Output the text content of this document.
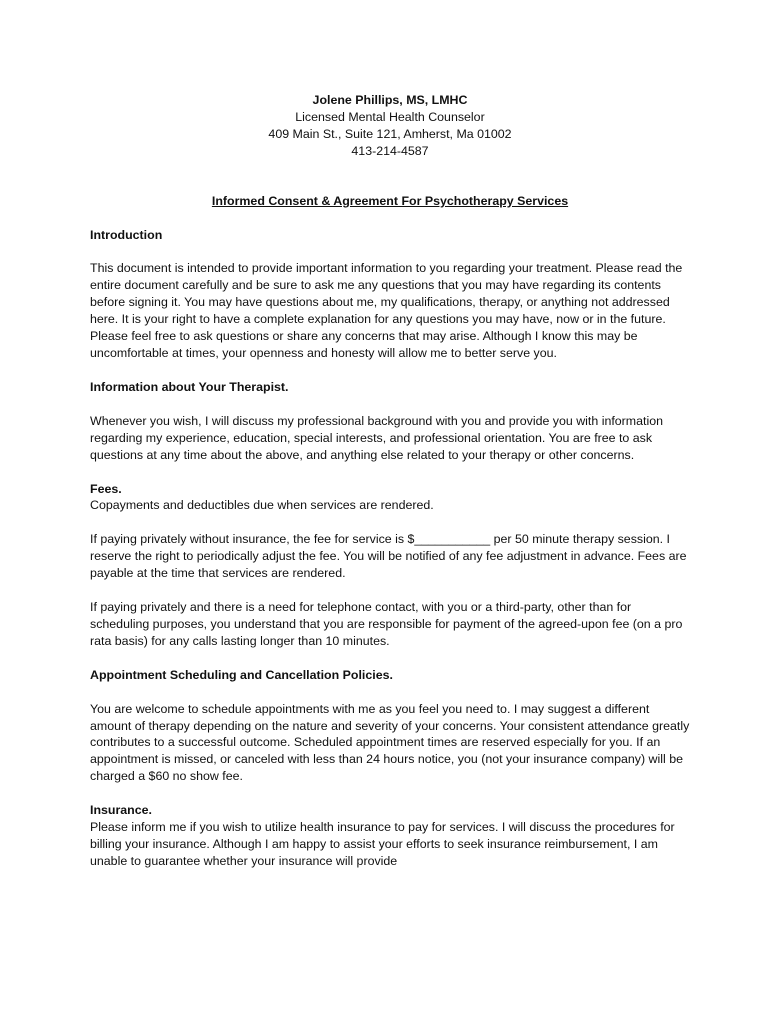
Jolene Phillips, MS, LMHC
Licensed Mental Health Counselor
409 Main St., Suite 121, Amherst, Ma 01002
413-214-4587
Informed Consent & Agreement For Psychotherapy Services
Introduction

This document is intended to provide important information to you regarding your treatment. Please read the entire document carefully and be sure to ask me any questions that you may have regarding its contents before signing it. You may have questions about me, my qualifications, therapy, or anything not addressed here. It is your right to have a complete explanation for any questions you may have, now or in the future. Please feel free to ask questions or share any concerns that may arise. Although I know this may be uncomfortable at times, your openness and honesty will allow me to better serve you.

Information about Your Therapist.

Whenever you wish, I will discuss my professional background with you and provide you with information regarding my experience, education, special interests, and professional orientation. You are free to ask questions at any time about the above, and anything else related to your therapy or other concerns.

Fees.

Copayments and deductibles due when services are rendered.

If paying privately without insurance, the fee for service is $___________ per 50 minute therapy session. I reserve the right to periodically adjust the fee. You will be notified of any fee adjustment in advance. Fees are payable at the time that services are rendered.

If paying privately and there is a need for telephone contact, with you or a third-party, other than for scheduling purposes, you understand that you are responsible for payment of the agreed-upon fee (on a pro rata basis) for any calls lasting longer than 10 minutes.

Appointment Scheduling and Cancellation Policies.

You are welcome to schedule appointments with me as you feel you need to. I may suggest a different amount of therapy depending on the nature and severity of your concerns. Your consistent attendance greatly contributes to a successful outcome. Scheduled appointment times are reserved especially for you. If an appointment is missed, or canceled with less than 24 hours notice, you (not your insurance company) will be charged a $60 no show fee.

Insurance.

Please inform me if you wish to utilize health insurance to pay for services. I will discuss the procedures for billing your insurance. Although I am happy to assist your efforts to seek insurance reimbursement, I am unable to guarantee whether your insurance will provide
